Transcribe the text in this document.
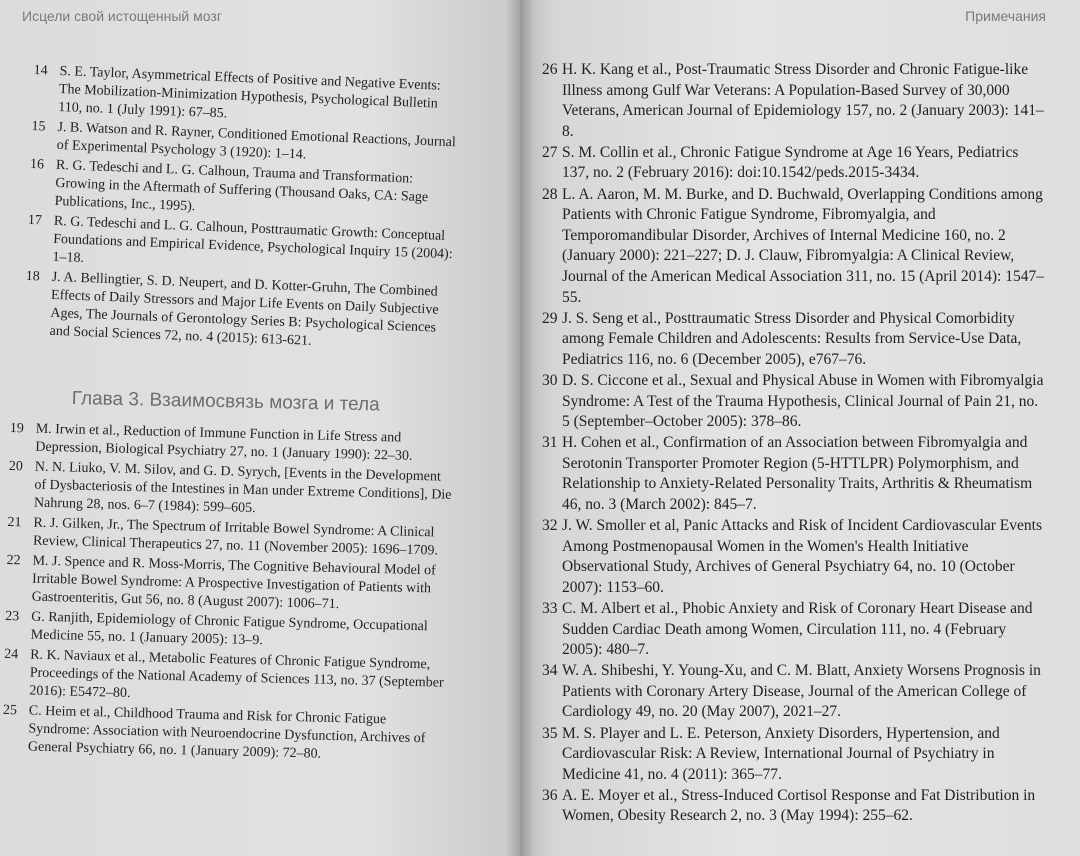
Исцели свой истощенный мозг
14 S. E. Taylor, Asymmetrical Effects of Positive and Negative Events: The Mobilization-Minimization Hypothesis, Psychological Bulletin 110, no. 1 (July 1991): 67–85.
15 J. B. Watson and R. Rayner, Conditioned Emotional Reactions, Journal of Experimental Psychology 3 (1920): 1–14.
16 R. G. Tedeschi and L. G. Calhoun, Trauma and Transformation: Growing in the Aftermath of Suffering (Thousand Oaks, CA: Sage Publications, Inc., 1995).
17 R. G. Tedeschi and L. G. Calhoun, Posttraumatic Growth: Conceptual Foundations and Empirical Evidence, Psychological Inquiry 15 (2004): 1–18.
18 J. A. Bellingtier, S. D. Neupert, and D. Kotter-Gruhn, The Combined Effects of Daily Stressors and Major Life Events on Daily Subjective Ages, The Journals of Gerontology Series B: Psychological Sciences and Social Sciences 72, no. 4 (2015): 613-621.
Глава 3. Взаимосвязь мозга и тела
19 M. Irwin et al., Reduction of Immune Function in Life Stress and Depression, Biological Psychiatry 27, no. 1 (January 1990): 22–30.
20 N. N. Liuko, V. M. Silov, and G. D. Syrych, [Events in the Development of Dysbacteriosis of the Intestines in Man under Extreme Conditions], Die Nahrung 28, nos. 6–7 (1984): 599–605.
21 R. J. Gilken, Jr., The Spectrum of Irritable Bowel Syndrome: A Clinical Review, Clinical Therapeutics 27, no. 11 (November 2005): 1696–1709.
22 M. J. Spence and R. Moss-Morris, The Cognitive Behavioural Model of Irritable Bowel Syndrome: A Prospective Investigation of Patients with Gastroenteritis, Gut 56, no. 8 (August 2007): 1006–71.
23 G. Ranjith, Epidemiology of Chronic Fatigue Syndrome, Occupational Medicine 55, no. 1 (January 2005): 13–9.
24 R. K. Naviaux et al., Metabolic Features of Chronic Fatigue Syndrome, Proceedings of the National Academy of Sciences 113, no. 37 (September 2016): E5472–80.
25 C. Heim et al., Childhood Trauma and Risk for Chronic Fatigue Syndrome: Association with Neuroendocrine Dysfunction, Archives of General Psychiatry 66, no. 1 (January 2009): 72–80.
Примечания
26 H. K. Kang et al., Post-Traumatic Stress Disorder and Chronic Fatigue-like Illness among Gulf War Veterans: A Population-Based Survey of 30,000 Veterans, American Journal of Epidemiology 157, no. 2 (January 2003): 141–8.
27 S. M. Collin et al., Chronic Fatigue Syndrome at Age 16 Years, Pediatrics 137, no. 2 (February 2016): doi:10.1542/peds.2015-3434.
28 L. A. Aaron, M. M. Burke, and D. Buchwald, Overlapping Conditions among Patients with Chronic Fatigue Syndrome, Fibromyalgia, and Temporomandibular Disorder, Archives of Internal Medicine 160, no. 2 (January 2000): 221–227; D. J. Clauw, Fibromyalgia: A Clinical Review, Journal of the American Medical Association 311, no. 15 (April 2014): 1547–55.
29 J. S. Seng et al., Posttraumatic Stress Disorder and Physical Comorbidity among Female Children and Adolescents: Results from Service-Use Data, Pediatrics 116, no. 6 (December 2005), e767–76.
30 D. S. Ciccone et al., Sexual and Physical Abuse in Women with Fibromyalgia Syndrome: A Test of the Trauma Hypothesis, Clinical Journal of Pain 21, no. 5 (September–October 2005): 378–86.
31 H. Cohen et al., Confirmation of an Association between Fibromyalgia and Serotonin Transporter Promoter Region (5-HTTLPR) Polymorphism, and Relationship to Anxiety-Related Personality Traits, Arthritis & Rheumatism 46, no. 3 (March 2002): 845–7.
32 J. W. Smoller et al, Panic Attacks and Risk of Incident Cardiovascular Events Among Postmenopausal Women in the Women's Health Initiative Observational Study, Archives of General Psychiatry 64, no. 10 (October 2007): 1153–60.
33 C. M. Albert et al., Phobic Anxiety and Risk of Coronary Heart Disease and Sudden Cardiac Death among Women, Circulation 111, no. 4 (February 2005): 480–7.
34 W. A. Shibeshi, Y. Young-Xu, and C. M. Blatt, Anxiety Worsens Prognosis in Patients with Coronary Artery Disease, Journal of the American College of Cardiology 49, no. 20 (May 2007), 2021–27.
35 M. S. Player and L. E. Peterson, Anxiety Disorders, Hypertension, and Cardiovascular Risk: A Review, International Journal of Psychiatry in Medicine 41, no. 4 (2011): 365–77.
36 A. E. Moyer et al., Stress-Induced Cortisol Response and Fat Distribution in Women, Obesity Research 2, no. 3 (May 1994): 255–62.
